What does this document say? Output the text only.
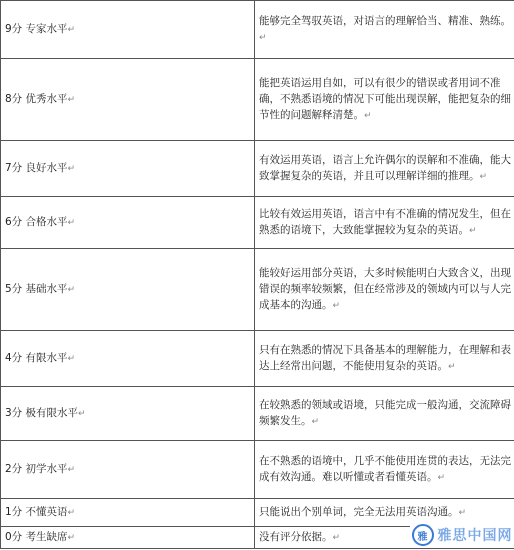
9分 专家水平↵	能够完全驾驭英语，对语言的理解恰当、精准、熟练。↵
8分 优秀水平↵	能把英语运用自如，可以有很少的错误或者用词不准确，不熟悉语境的情况下可能出现误解，能把复杂的细节性的问题解释清楚。↵
7分 良好水平↵	有效运用英语，语言上允许偶尔的误解和不准确，能大致掌握复杂的英语，并且可以理解详细的推理。↵
6分 合格水平↵	比较有效运用英语，语言中有不准确的情况发生，但在熟悉的语境下，大致能掌握较为复杂的英语。↵
5分 基础水平↵	能较好运用部分英语，大多时候能明白大致含义，出现错误的频率较频繁，但在经常涉及的领域内可以与人完成基本的沟通。↵
4分 有限水平↵	只有在熟悉的情况下具备基本的理解能力，在理解和表达上经常出问题，不能使用复杂的英语。↵
3分 极有限水平↵	在较熟悉的领域或语境，只能完成一般沟通，交流障碍频繁发生。↵
2分 初学水平↵	在不熟悉的语境中，几乎不能使用连贯的表达，无法完成有效沟通。难以听懂或者看懂英语。↵
1分 不懂英语↵	只能说出个别单词，完全无法用英语沟通。↵
0分 考生缺席↵	没有评分依据。↵	雅 雅思中国网
